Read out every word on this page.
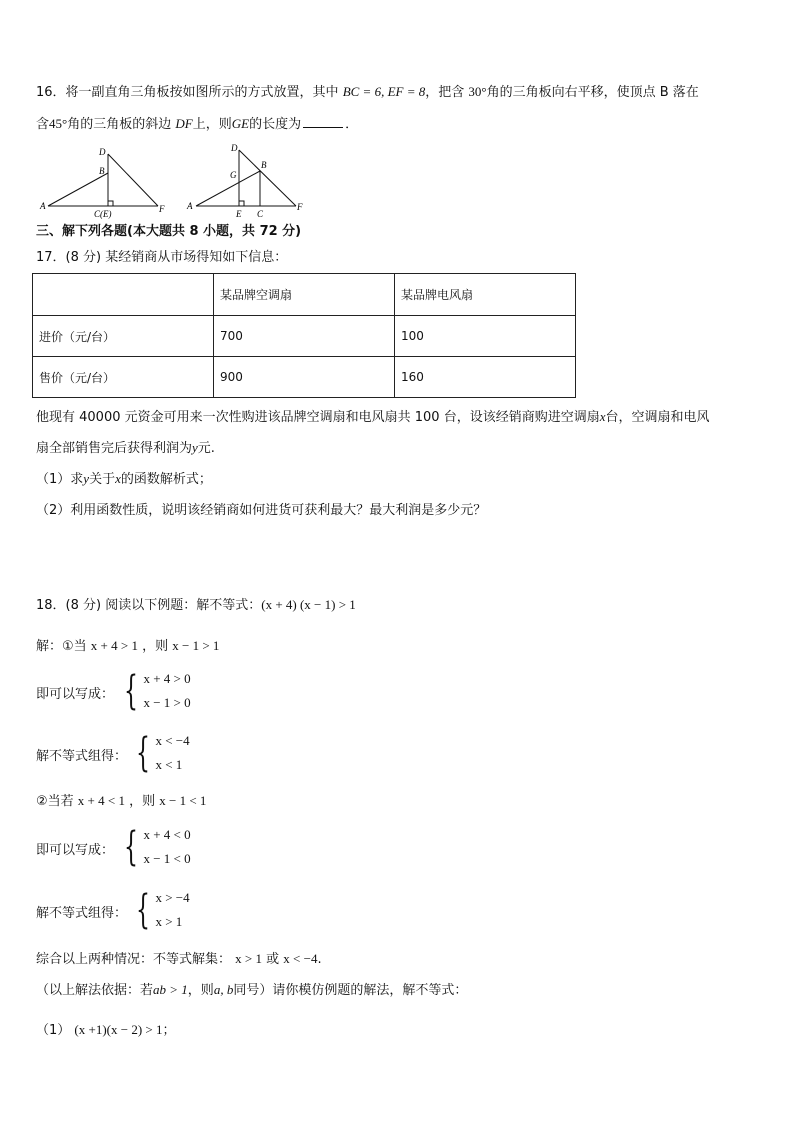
16．将一副直角三角板按如图所示的方式放置，其中 BC = 6, EF = 8，把含 30°角的三角板向右平移，使顶点 B 落在
含45°角的三角板的斜边 DF上，则GE的长度为	．
D
B
A
C(E)	F
D
B
G
A
E C
F
三、解下列各题(本大题共 8 小题，共 72 分)
17．(8 分) 某经销商从市场得知如下信息：
	某品牌空调扇	某品牌电风扇
进价（元/台）	700	100
售价（元/台）	900	160
他现有 40000 元资金可用来一次性购进该品牌空调扇和电风扇共 100 台，设该经销商购进空调扇x台，空调扇和电风
扇全部销售完后获得利润为y元.
（1）求y关于x的函数解析式；
（2）利用函数性质，说明该经销商如何进货可获利最大？最大利润是多少元？
18．(8 分) 阅读以下例题：解不等式：(x + 4) (x − 1) > 1
解：①当 x + 4 > 1 ，则 x − 1 > 1
即可以写成： { x + 4 > 0
x − 1 > 0
解不等式组得： { x < −4
x < 1
②当若 x + 4 < 1 ，则 x − 1 < 1
即可以写成： { x + 4 < 0
x − 1 < 0
解不等式组得： { x > −4
x > 1
综合以上两种情况：不等式解集： x > 1 或 x < −4.
（以上解法依据：若ab > 1，则a, b同号）请你模仿例题的解法，解不等式：
（1） (x +1)(x − 2) > 1；
